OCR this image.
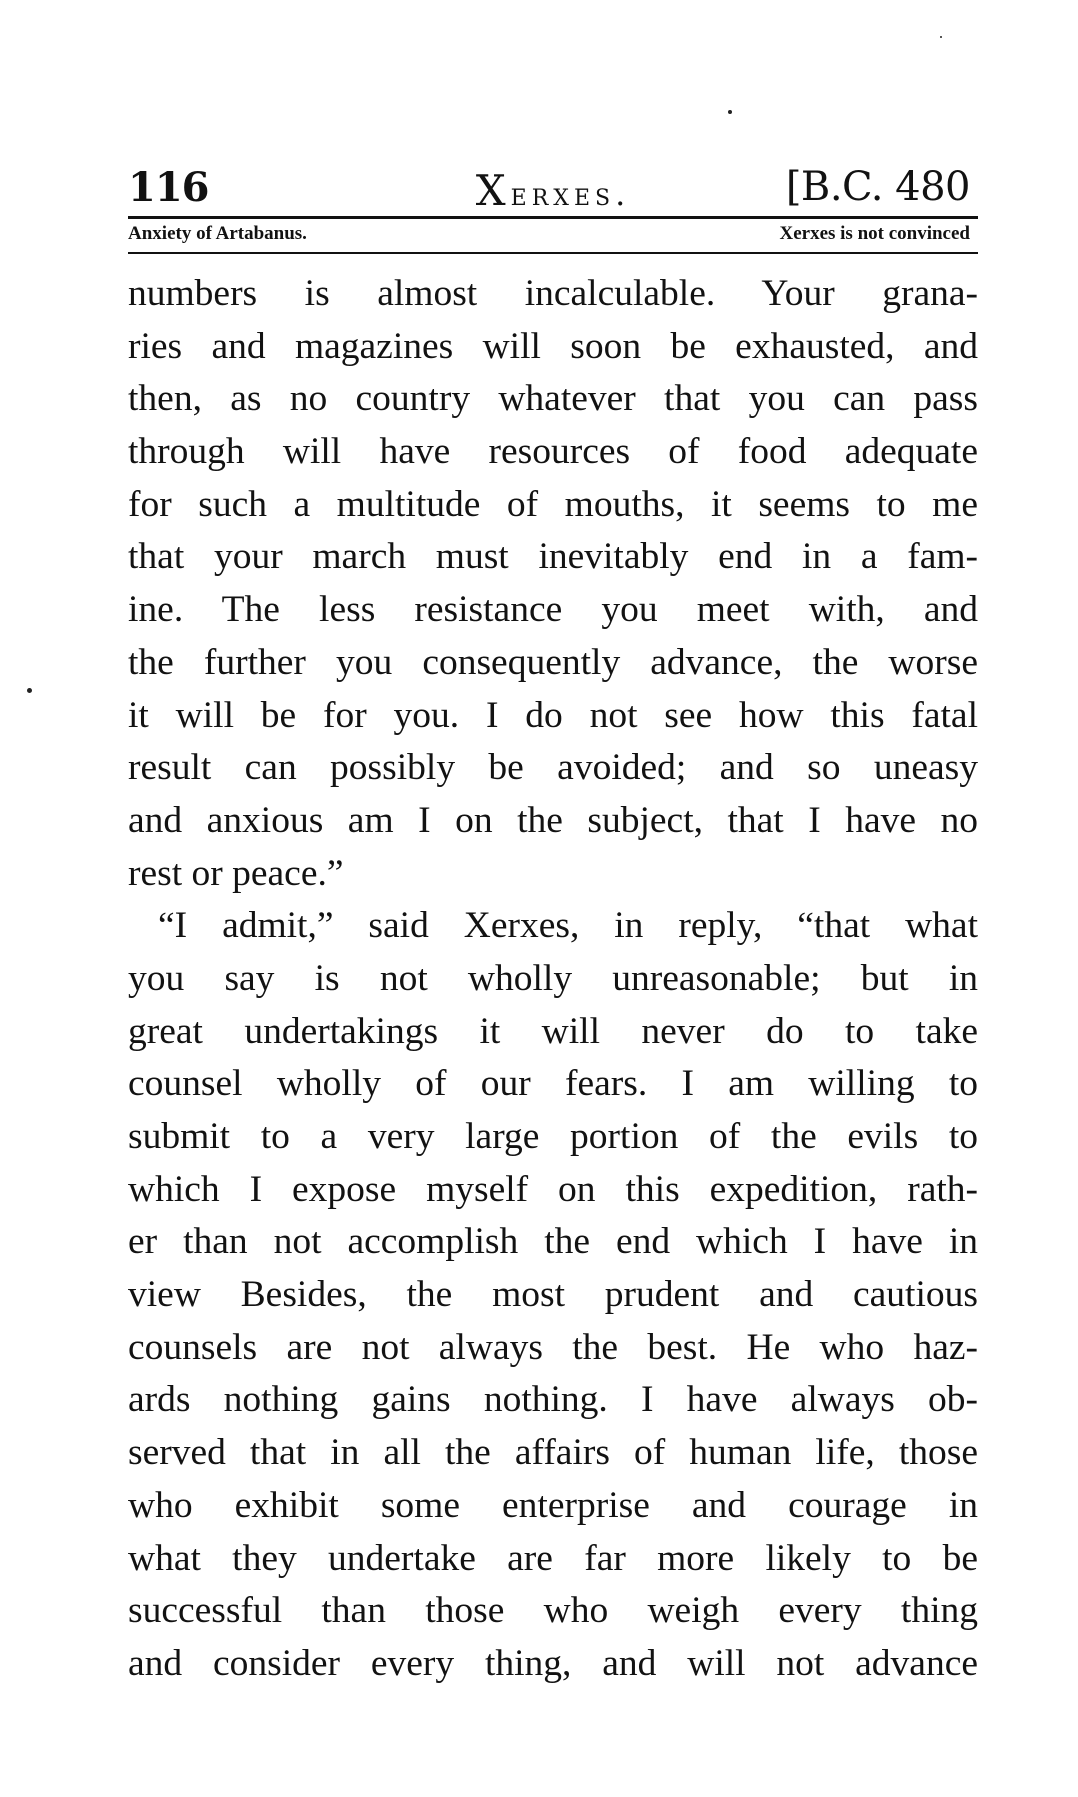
116	Xerxes.	[B.C. 480
Anxiety of Artabanus.	Xerxes is not convinced
numbers is almost incalculable. Your grana-
ries and magazines will soon be exhausted, and
then, as no country whatever that you can pass
through will have resources of food adequate
for such a multitude of mouths, it seems to me
that your march must inevitably end in a fam-
ine. The less resistance you meet with, and
the further you consequently advance, the worse
it will be for you. I do not see how this fatal
result can possibly be avoided; and so uneasy
and anxious am I on the subject, that I have no
rest or peace.”
“I admit,” said Xerxes, in reply, “that what
you say is not wholly unreasonable; but in
great undertakings it will never do to take
counsel wholly of our fears. I am willing to
submit to a very large portion of the evils to
which I expose myself on this expedition, rath-
er than not accomplish the end which I have in
view Besides, the most prudent and cautious
counsels are not always the best. He who haz-
ards nothing gains nothing. I have always ob-
served that in all the affairs of human life, those
who exhibit some enterprise and courage in
what they undertake are far more likely to be
successful than those who weigh every thing
and consider every thing, and will not advance
